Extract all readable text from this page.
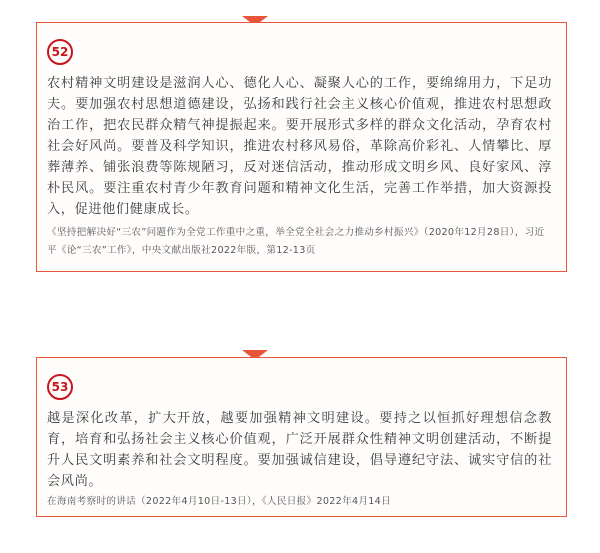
52
农村精神文明建设是滋润人心、德化人心、凝聚人心的工作，要绵绵用力，下足功夫。要加强农村思想道德建设，弘扬和践行社会主义核心价值观，推进农村思想政治工作，把农民群众精气神提振起来。要开展形式多样的群众文化活动，孕育农村社会好风尚。要普及科学知识，推进农村移风易俗，革除高价彩礼、人情攀比、厚葬薄养、铺张浪费等陈规陋习，反对迷信活动，推动形成文明乡风、良好家风、淳朴民风。要注重农村青少年教育问题和精神文化生活，完善工作举措，加大资源投入，促进他们健康成长。
《坚持把解决好“三农”问题作为全党工作重中之重，举全党全社会之力推动乡村振兴》（2020年12月28日），习近平《论“三农”工作》，中央文献出版社2022年版，第12-13页
53
越是深化改革，扩大开放，越要加强精神文明建设。要持之以恒抓好理想信念教育，培育和弘扬社会主义核心价值观，广泛开展群众性精神文明创建活动，不断提升人民文明素养和社会文明程度。要加强诚信建设，倡导遵纪守法、诚实守信的社会风尚。
在海南考察时的讲话（2022年4月10日-13日），《人民日报》2022年4月14日
